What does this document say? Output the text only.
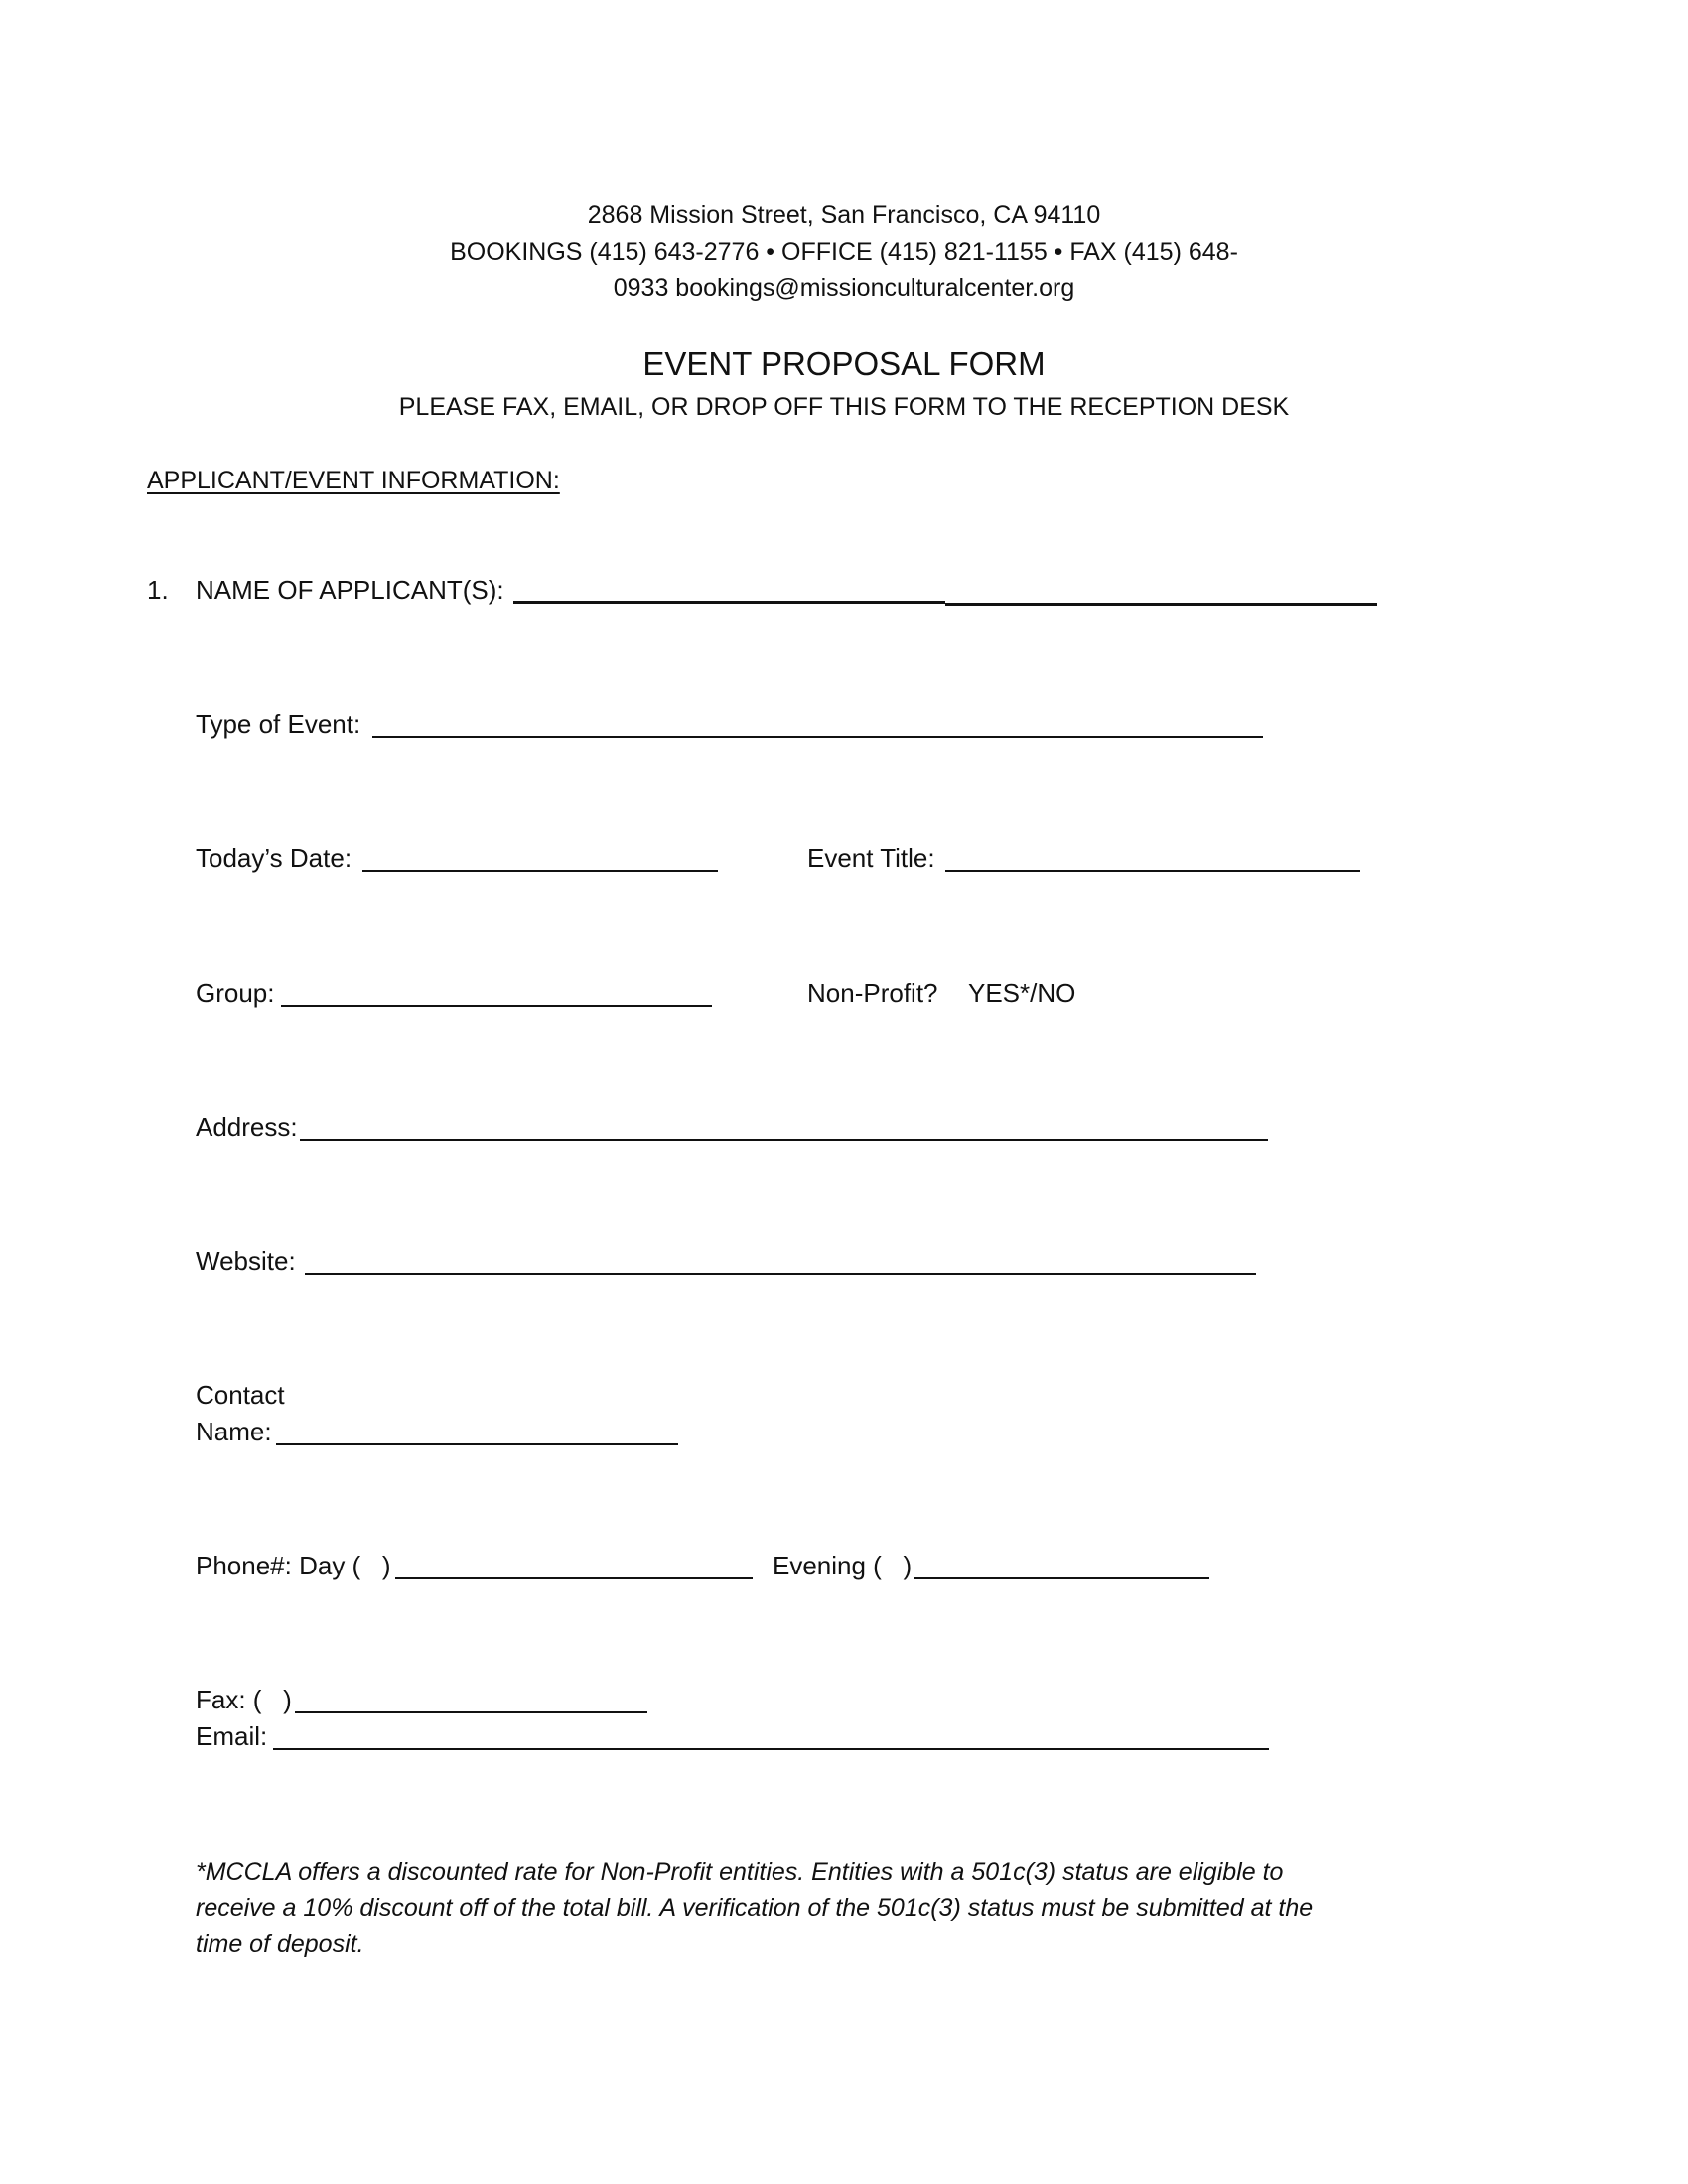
2868 Mission Street, San Francisco, CA 94110
BOOKINGS (415) 643-2776 • OFFICE (415) 821-1155 • FAX (415) 648-
0933 bookings@missionculturalcenter.org
EVENT PROPOSAL FORM
PLEASE FAX, EMAIL, OR DROP OFF THIS FORM TO THE RECEPTION DESK
APPLICANT/EVENT INFORMATION:
1. NAME OF APPLICANT(S):
Type of Event:
Today’s Date:	Event Title:
Group:	Non-Profit? YES*/NO
Address:
Website:
Contact
Name:
Phone#: Day (   )	Evening (   )
Fax: (   )
Email:
*MCCLA offers a discounted rate for Non-Profit entities. Entities with a 501c(3) status are eligible to
receive a 10% discount off of the total bill. A verification of the 501c(3) status must be submitted at the
time of deposit.
